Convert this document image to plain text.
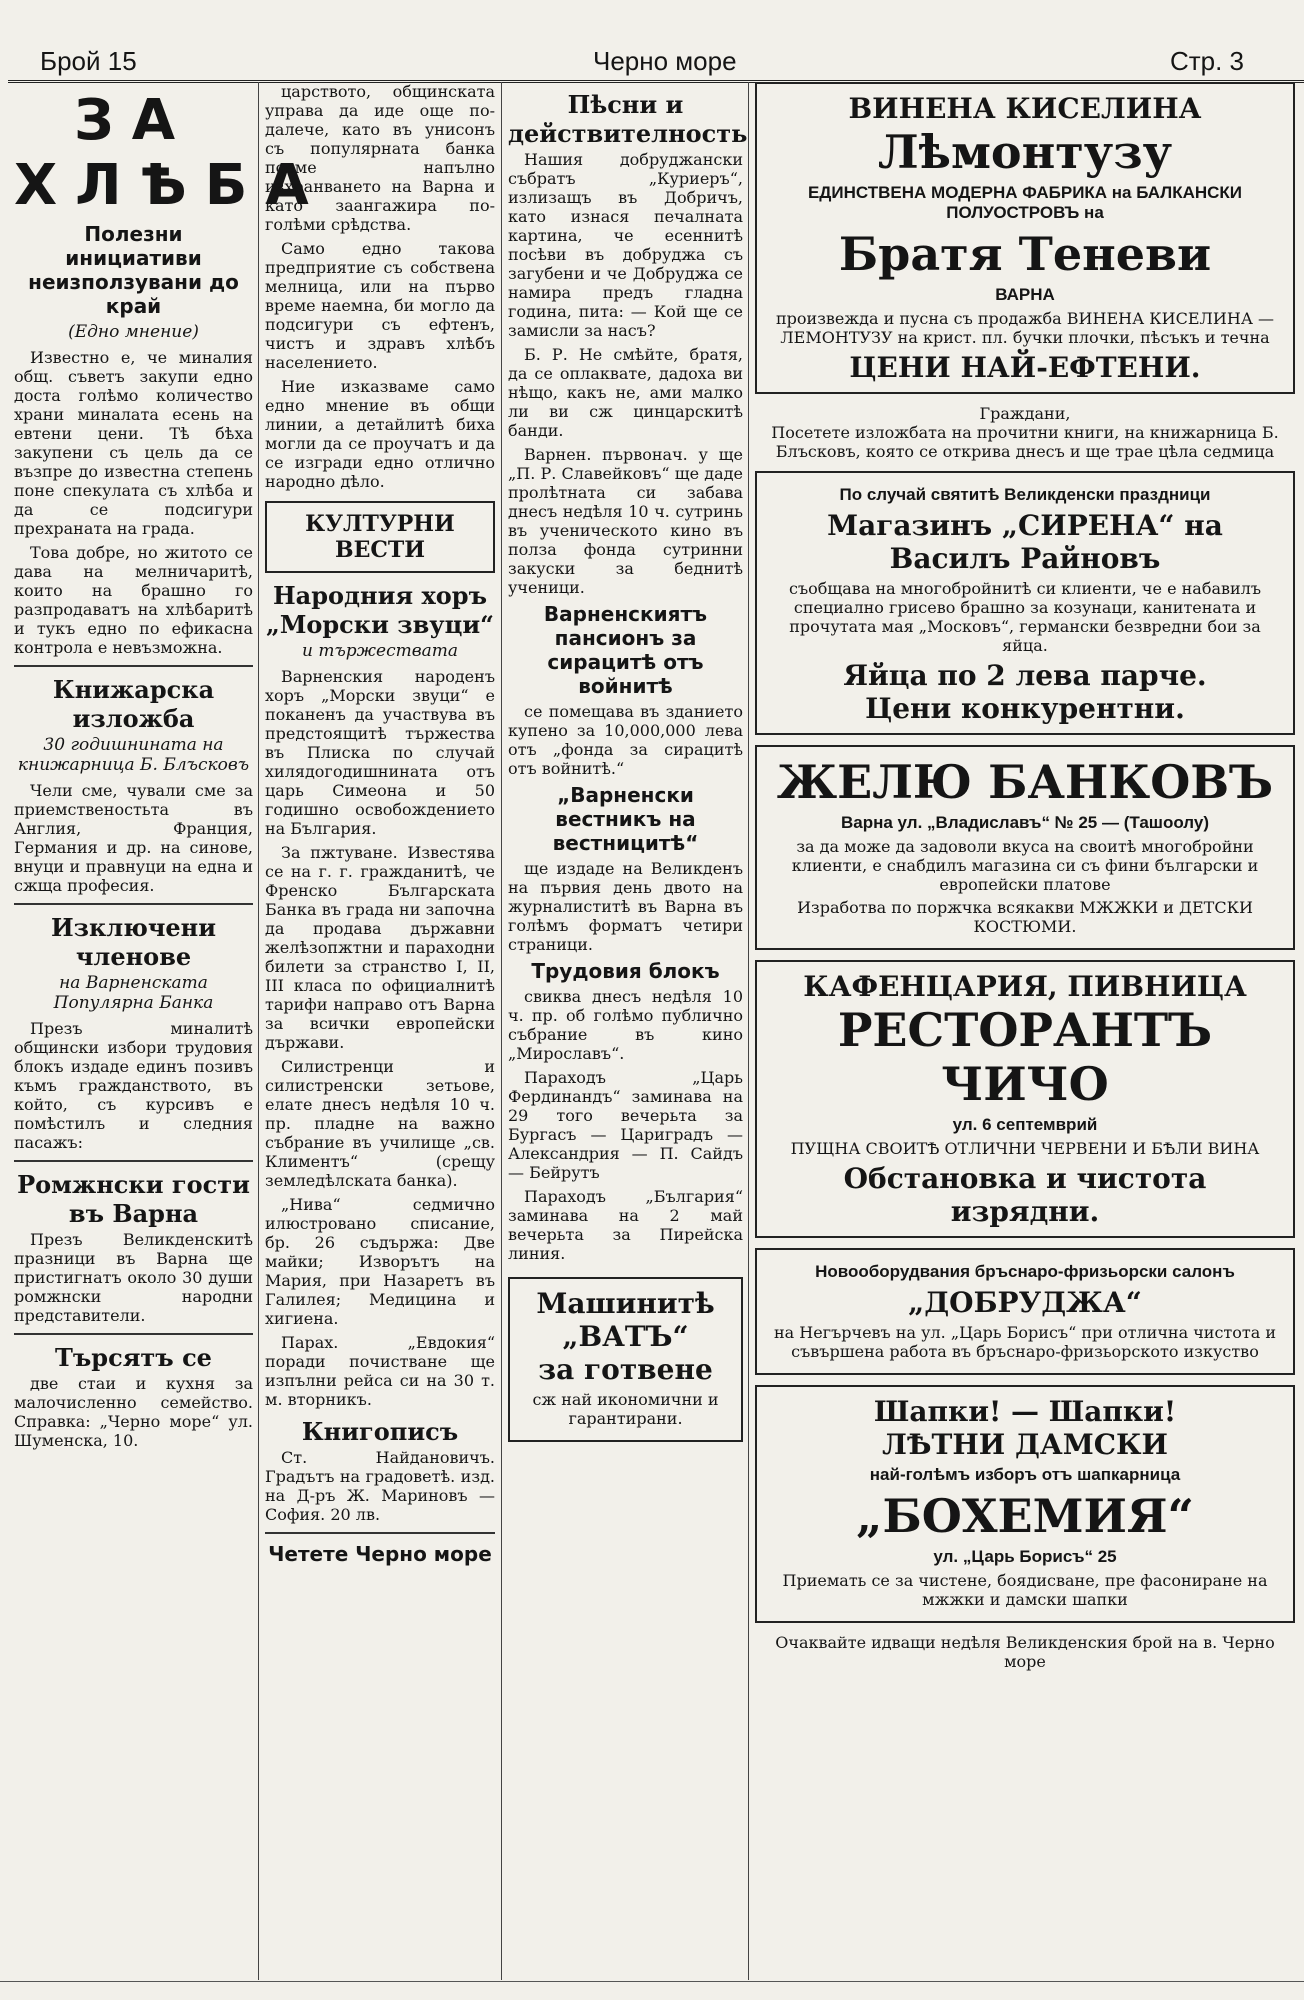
Брой 15	Черно море	Стр. 3
ЗА ХЛѢБА
Полезни инициативи неизползувани до край
(Едно мнение)

Известно е, че миналия общ. съветъ закупи едно доста голѣмо количество храни миналата есень на евтени цени. Тѣ бѣха закупени съ цель да се възпре до известна степень поне спекулата съ хлѣба и да се подсигури прехраната на града.

Това добре, но житото се дава на мелничаритѣ, които на брашно го разпродаватъ на хлѣбаритѣ и тукъ едно по ефикасна контрола е невъзможна.

Книжарска изложба
30 годишнината на книжарница Б. Блъсковъ

Чели сме, чували сме за приемственостьта въ Англия, Франция, Германия и др. на синове, внуци и правнуци на една и сжща професия.

Изключени членове
на Варненската Популярна Банка

Презъ миналитѣ общински избори трудовия блокъ издаде единъ позивъ къмъ гражданството, въ който, съ курсивъ е помѣстилъ и следния пасажъ:

Ромжнски гости въ Варна

Презъ Великденскитѣ празници въ Варна ще пристигнатъ около 30 души ромжнски народни представители.

Търсятъ се

две стаи и кухня за малочисленно семейство. Справка: „Черно море“ ул. Шуменска, 10.

царството, общинската управа да иде още по-далече, като въ унисонъ съ популярната банка поеме напълно изхранването на Варна и като заангажира по-голѣми срѣдства.

Само едно такова предприятие съ собствена мелница, или на първо време наемна, би могло да подсигури съ ефтенъ, чистъ и здравъ хлѣбъ населението.

Ние изказваме само едно мнение въ общи линии, а детайлитѣ биха могли да се проучатъ и да се изгради едно отлично народно дѣло.

КУЛТУРНИ ВЕСТИ
Народния хоръ „Морски звуци“
и тържествата

Варненския народенъ хоръ „Морски звуци“ е поканенъ да участвува въ предстоящитѣ тържества въ Плиска по случай хилядогодишнината отъ царь Симеона и 50 годишно освобождението на България.

За пжтуване. Известява се на г. г. гражданитѣ, че Френско Българската Банка въ града ни започна да продава държавни желѣзопжтни и параходни билети за странство I, II, III класа по официалнитѣ тарифи направо отъ Варна за всички европейски държави.

Силистренци и силистренски зетьове, елате днесъ недѣля 10 ч. пр. пладне на важно събрание въ училище „св. Климентъ“ (срещу земледѣлската банка).

„Нива“ седмично илюстровано списание, бр. 26 съдържа: Две майки; Изворътъ на Мария, при Назаретъ въ Галилея; Медицина и хигиена.

Парах. „Евдокия“ поради почистване ще изпълни рейса си на 30 т. м. вторникъ.

Книгописъ

Ст. Найдановичъ. Градътъ на градоветѣ. изд. на Д-ръ Ж. Мариновъ — София. 20 лв.

Четете Черно море
Пѣсни и действителность

Нашия добруджански събратъ „Куриеръ“, излизащъ въ Добричъ, като изнася печалната картина, че есеннитѣ посѣви въ добруджа съ загубени и че Добруджа се намира предъ гладна година, пита: — Кой ще се замисли за насъ?

Б. Р. Не смѣйте, братя, да се оплаквате, дадоха ви нѣщо, какъ не, ами малко ли ви сж цинцарскитѣ банди.

Варнен. първонач. у ще „П. Р. Славейковъ“ ще даде пролѣтната си забава днесъ недѣля 10 ч. сутринь въ ученическото кино въ полза фонда сутринни закуски за беднитѣ ученици.

Варненскиятъ пансионъ за сирацитѣ отъ войнитѣ

се помещава въ зданието купено за 10,000,000 лева отъ „фонда за сирацитѣ отъ войнитѣ.“

„Варненски вестникъ на вестницитѣ“

ще издаде на Великденъ на първия день двото на журналиститѣ въ Варна въ голѣмъ форматъ четири страници.

Трудовия блокъ

свиква днесъ недѣля 10 ч. пр. об голѣмо публично събрание въ кино „Мирославъ“.

Параходъ „Царь Фердинандъ“ заминава на 29 того вечерьта за Бургасъ — Цариградъ — Александрия — П. Сайдъ — Бейрутъ

Параходъ „България“ заминава на 2 май вечерьта за Пирейска линия.

Машинитѣ
„ВАТЪ“
за готвене
сж най икономични и гарантирани.
ВИНЕНА КИСЕЛИНА
Лѣмонтузу
ЕДИНСТВЕНА МОДЕРНА ФАБРИКА на БАЛКАНСКИ ПОЛУОСТРОВЪ на
Братя Теневи
ВАРНА
произвежда и пусна съ продажба ВИНЕНА КИСЕЛИНА — ЛЕМОНТУЗУ на крист. пл. бучки плочки, пѣсъкъ и течна
ЦЕНИ НАЙ-ЕФТЕНИ.
Граждани,
Посетете изложбата на прочитни книги, на книжарница Б. Блъсковъ, която се открива днесъ и ще трае цѣла седмица
По случай святитѣ Великденски праздници
Магазинъ „СИРЕНА“ на Василъ Райновъ
съобщава на многобройнитѣ си клиенти, че е набавилъ специално грисево брашно за козунаци, канитената и прочутата мая „Московъ“, германски безвредни бои за яйца.
Яйца по 2 лева парче.
Цени конкурентни.
ЖЕЛЮ БАНКОВЪ
Варна ул. „Владиславъ“ № 25 — (Ташоолу)
за да може да задоволи вкуса на своитѣ многобройни клиенти, е снабдилъ магазина си съ фини български и европейски платове
Изработва по поржчка всякакви МЖЖКИ и ДЕТСКИ КОСТЮМИ.
КАФЕНЦАРИЯ, ПИВНИЦА
РЕСТОРАНТЪ ЧИЧО
ул. 6 септемврий
ПУЩНА СВОИТѢ ОТЛИЧНИ ЧЕРВЕНИ И БѢЛИ ВИНА
Обстановка и чистота изрядни.
Новооборудвания бръснаро-фризьорски салонъ
„ДОБРУДЖА“
на Негърчевъ на ул. „Царь Борисъ“ при отлична чистота и съвършена работа въ бръснаро-фризьорското изкуство
Шапки! — Шапки!
ЛѢТНИ ДАМСКИ
най-голѣмъ изборъ отъ шапкарница
„БОХЕМИЯ“
ул. „Царь Борисъ“ 25
Приемать се за чистене, боядисване, пре фасониране на мжжки и дамски шапки
Очаквайте идващи недѣля Великденския брой на в. Черно море
